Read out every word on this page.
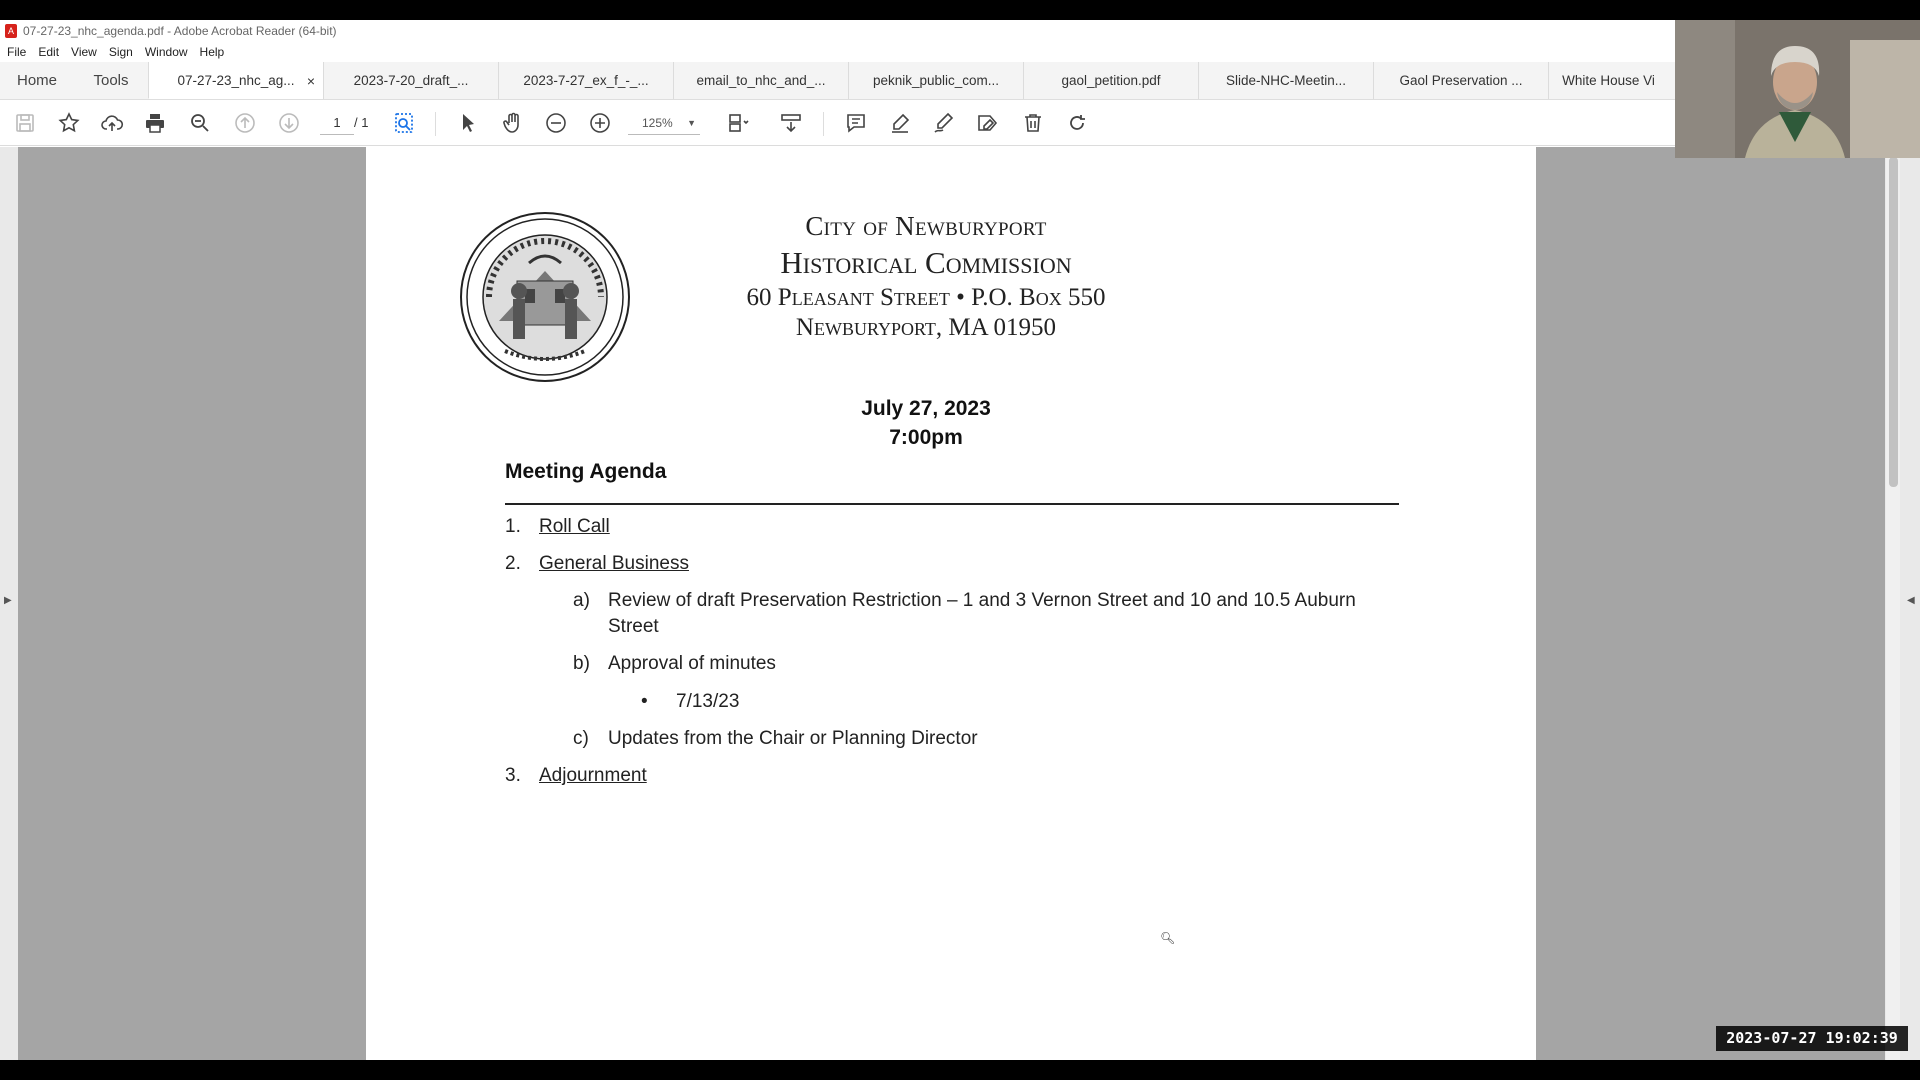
A 07-27-23_nhc_agenda.pdf - Adobe Acrobat Reader (64-bit)
File Edit View Sign Window Help
Home	Tools	07-27-23_nhc_ag... ×	2023-7-20_draft_...	2023-7-27_ex_f_-_...	email_to_nhc_and_...	peknik_public_com...	gaol_petition.pdf	Slide-NHC-Meetin...	Gaol Preservation ...	White House Vi
1	/ 1	125% ▼
▶
City of Newburyport
Historical Commission
60 Pleasant Street • P.O. Box 550
Newburyport, MA 01950
July 27, 2023
7:00pm
Meeting Agenda
1. Roll Call
2. General Business
a) Review of draft Preservation Restriction – 1 and 3 Vernon Street and 10 and 10.5 Auburn
Street
b) Approval of minutes
• 7/13/23
c) Updates from the Chair or Planning Director
3. Adjournment
🔍︎
◀
2023-07-27 19:02:39
